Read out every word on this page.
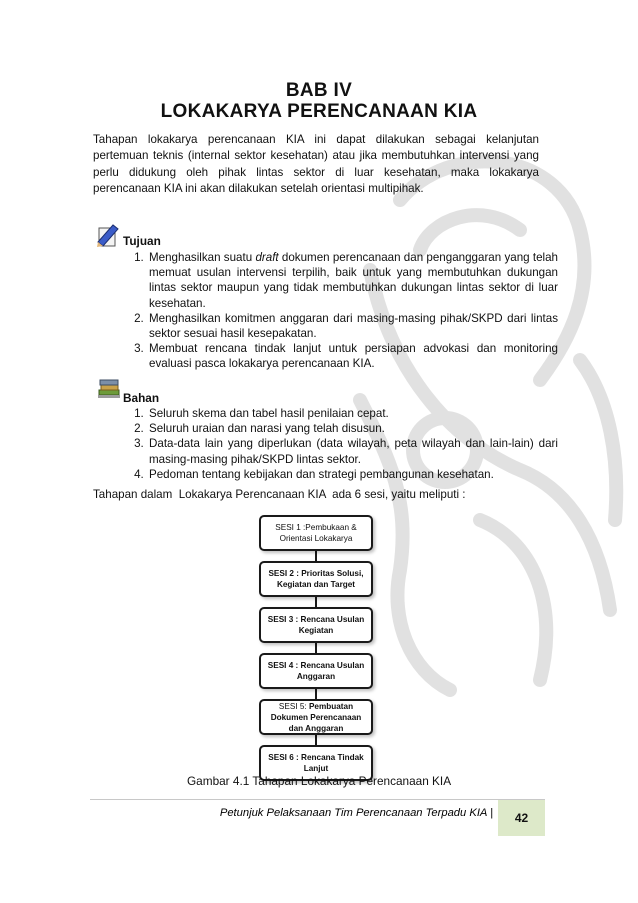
BAB IV
LOKAKARYA PERENCANAAN KIA

Tahapan lokakarya perencanaan KIA ini dapat dilakukan sebagai kelanjutan pertemuan teknis (internal sektor kesehatan) atau jika membutuhkan intervensi yang perlu didukung oleh pihak lintas sektor di luar kesehatan, maka lokakarya perencanaan KIA ini akan dilakukan setelah orientasi multipihak.

Tujuan
1. Menghasilkan suatu draft dokumen perencanaan dan penganggaran yang telah memuat usulan intervensi terpilih, baik untuk yang membutuhkan dukungan lintas sektor maupun yang tidak membutuhkan dukungan lintas sektor di luar kesehatan.
2. Menghasilkan komitmen anggaran dari masing-masing pihak/SKPD dari lintas sektor sesuai hasil kesepakatan.
3. Membuat rencana tindak lanjut untuk persiapan advokasi dan monitoring evaluasi pasca lokakarya perencanaan KIA.
Bahan
1. Seluruh skema dan tabel hasil penilaian cepat.
2. Seluruh uraian dan narasi yang telah disusun.
3. Data-data lain yang diperlukan (data wilayah, peta wilayah dan lain-lain) dari masing-masing pihak/SKPD lintas sektor.
4. Pedoman tentang kebijakan dan strategi pembangunan kesehatan.
Tahapan dalam  Lokakarya Perencanaan KIA  ada 6 sesi, yaitu meliputi :
SESI 1 :Pembukaan & Orientasi Lokakarya
SESI 2 : Prioritas Solusi, Kegiatan dan Target
SESI 3 : Rencana Usulan Kegiatan
SESI 4 : Rencana Usulan Anggaran
SESI 5: Pembuatan Dokumen Perencanaan dan Anggaran
SESI 6 : Rencana Tindak Lanjut
Gambar 4.1 Tahapan Lokakarya Perencanaan KIA
Petunjuk Pelaksanaan Tim Perencanaan Terpadu KIA |	42
